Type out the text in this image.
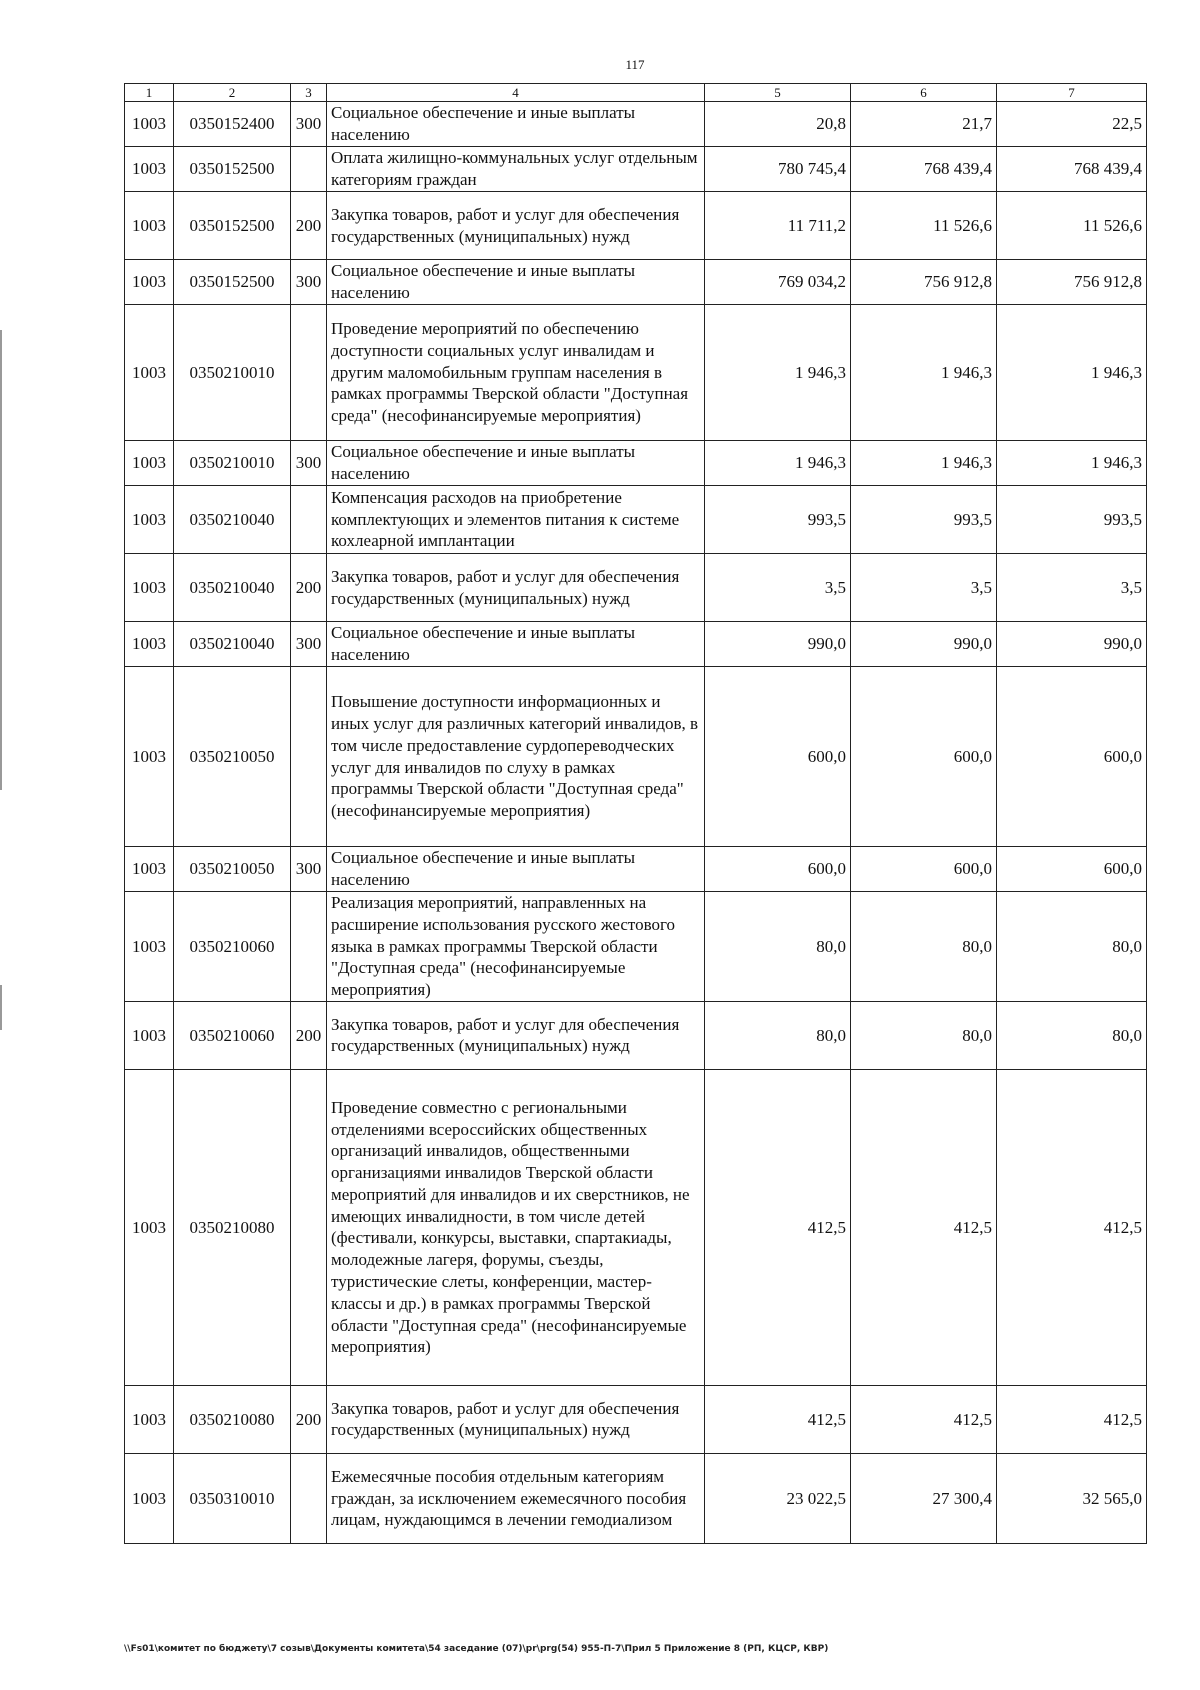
117
1	2	3	4	5	6	7
1003	0350152400	300	Социальное обеспечение и иные выплаты населению	20,8	21,7	22,5
1003	0350152500		Оплата жилищно-коммунальных услуг отдельным категориям граждан	780 745,4	768 439,4	768 439,4
1003	0350152500	200	Закупка товаров, работ и услуг для обеспечения государственных (муниципальных) нужд	11 711,2	11 526,6	11 526,6
1003	0350152500	300	Социальное обеспечение и иные выплаты населению	769 034,2	756 912,8	756 912,8
1003	0350210010		Проведение мероприятий по обеспечению доступности социальных услуг инвалидам и другим маломобильным группам населения в рамках программы Тверской области "Доступная среда" (несофинансируемые мероприятия)	1 946,3	1 946,3	1 946,3
1003	0350210010	300	Социальное обеспечение и иные выплаты населению	1 946,3	1 946,3	1 946,3
1003	0350210040		Компенсация расходов на приобретение комплектующих и элементов питания к системе кохлеарной имплантации	993,5	993,5	993,5
1003	0350210040	200	Закупка товаров, работ и услуг для обеспечения государственных (муниципальных) нужд	3,5	3,5	3,5
1003	0350210040	300	Социальное обеспечение и иные выплаты населению	990,0	990,0	990,0
1003	0350210050		Повышение доступности информационных и иных услуг для различных категорий инвалидов, в том числе предоставление сурдопереводческих услуг для инвалидов по слуху в рамках программы Тверской области "Доступная среда" (несофинансируемые мероприятия)	600,0	600,0	600,0
1003	0350210050	300	Социальное обеспечение и иные выплаты населению	600,0	600,0	600,0
1003	0350210060		Реализация мероприятий, направленных на расширение использования русского жестового языка в рамках программы Тверской области "Доступная среда" (несофинансируемые мероприятия)	80,0	80,0	80,0
1003	0350210060	200	Закупка товаров, работ и услуг для обеспечения государственных (муниципальных) нужд	80,0	80,0	80,0
1003	0350210080		Проведение совместно с региональными отделениями всероссийских общественных организаций инвалидов, общественными организациями инвалидов Тверской области мероприятий для инвалидов и их сверстников, не имеющих инвалидности, в том числе детей (фестивали, конкурсы, выставки, спартакиады, молодежные лагеря, форумы, съезды, туристические слеты, конференции, мастер-классы и др.) в рамках программы Тверской области "Доступная среда" (несофинансируемые мероприятия)	412,5	412,5	412,5
1003	0350210080	200	Закупка товаров, работ и услуг для обеспечения государственных (муниципальных) нужд	412,5	412,5	412,5
1003	0350310010		Ежемесячные пособия отдельным категориям граждан, за исключением ежемесячного пособия лицам, нуждающимся в лечении гемодиализом	23 022,5	27 300,4	32 565,0
\\Fs01\комитет по бюджету\7 созыв\Документы комитета\54 заседание (07)\pr\prg(54) 955-П-7\Прил 5 Приложение 8 (РП, КЦСР, КВР)
